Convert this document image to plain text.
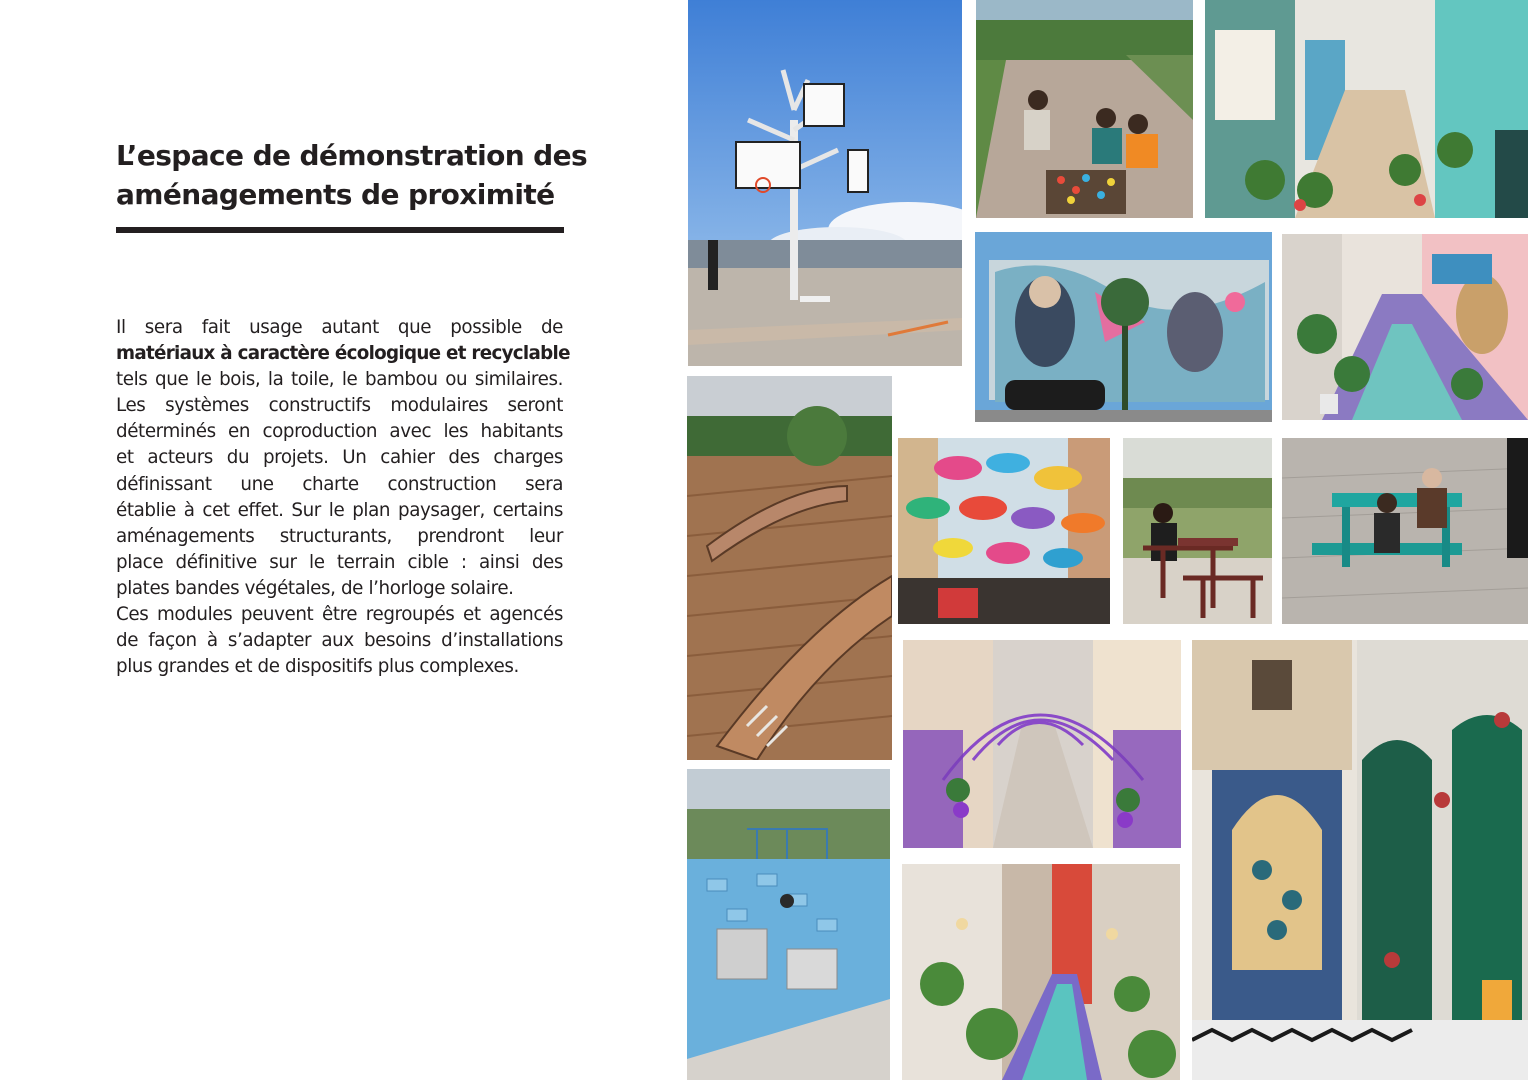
L’espace de démonstration des
aménagements de proximité

Il sera fait usage autant que possible de
matériaux à caractère écologique et recyclable
tels que le bois, la toile, le bambou ou similaires.
Les systèmes constructifs modulaires seront
déterminés en coproduction avec les habitants
et acteurs du projets. Un cahier des charges
définissant une charte construction sera
établie à cet effet. Sur le plan paysager, certains
aménagements structurants, prendront leur
place définitive sur le terrain cible : ainsi des
plates bandes végétales, de l’horloge solaire.
Ces modules peuvent être regroupés et agencés
de façon à s’adapter aux besoins d’installations
plus grandes et de dispositifs plus complexes.
